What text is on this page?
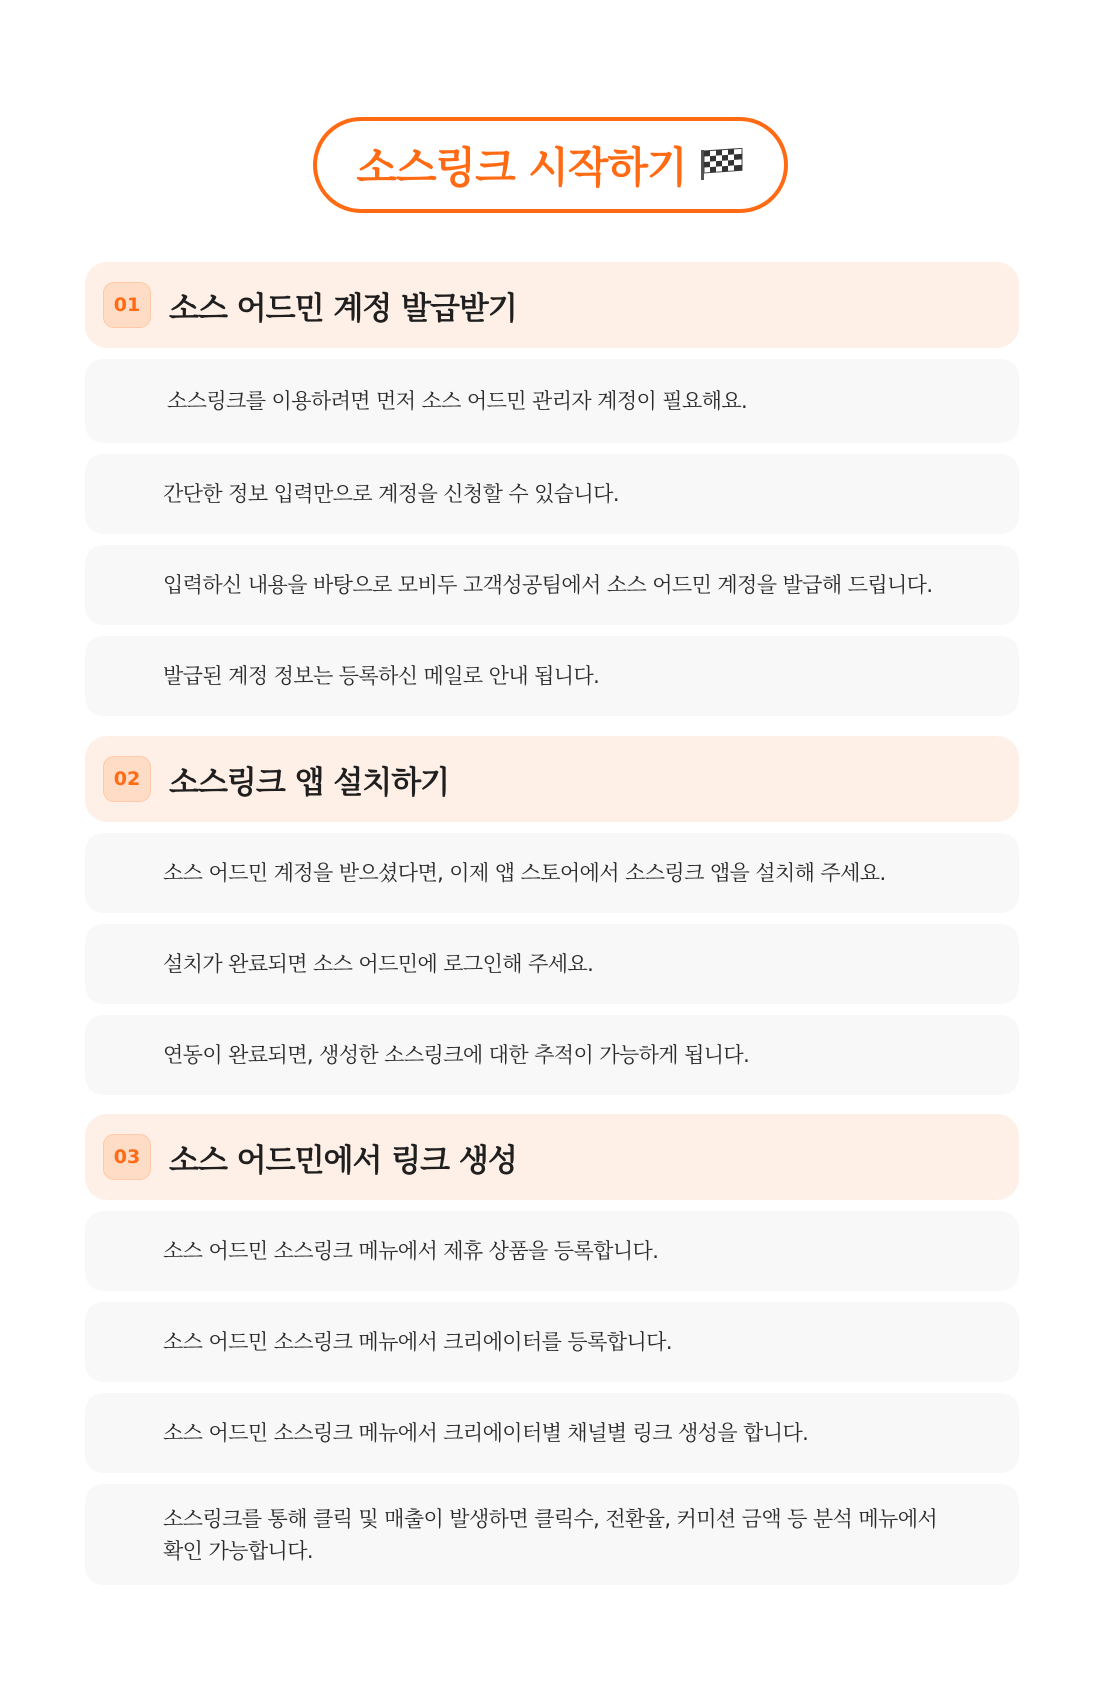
소스링크 시작하기
01 소스 어드민 계정 발급받기
소스링크를 이용하려면 먼저 소스 어드민 관리자 계정이 필요해요.
간단한 정보 입력만으로 계정을 신청할 수 있습니다.
입력하신 내용을 바탕으로 모비두 고객성공팀에서 소스 어드민 계정을 발급해 드립니다.
발급된 계정 정보는 등록하신 메일로 안내 됩니다.
02 소스링크 앱 설치하기
소스 어드민 계정을 받으셨다면, 이제 앱 스토어에서 소스링크 앱을 설치해 주세요.
설치가 완료되면 소스 어드민에 로그인해 주세요.
연동이 완료되면, 생성한 소스링크에 대한 추적이 가능하게 됩니다.
03 소스 어드민에서 링크 생성
소스 어드민 소스링크 메뉴에서 제휴 상품을 등록합니다.
소스 어드민 소스링크 메뉴에서 크리에이터를 등록합니다.
소스 어드민 소스링크 메뉴에서 크리에이터별 채널별 링크 생성을 합니다.
소스링크를 통해 클릭 및 매출이 발생하면 클릭수, 전환율, 커미션 금액 등 분석 메뉴에서 확인 가능합니다.
